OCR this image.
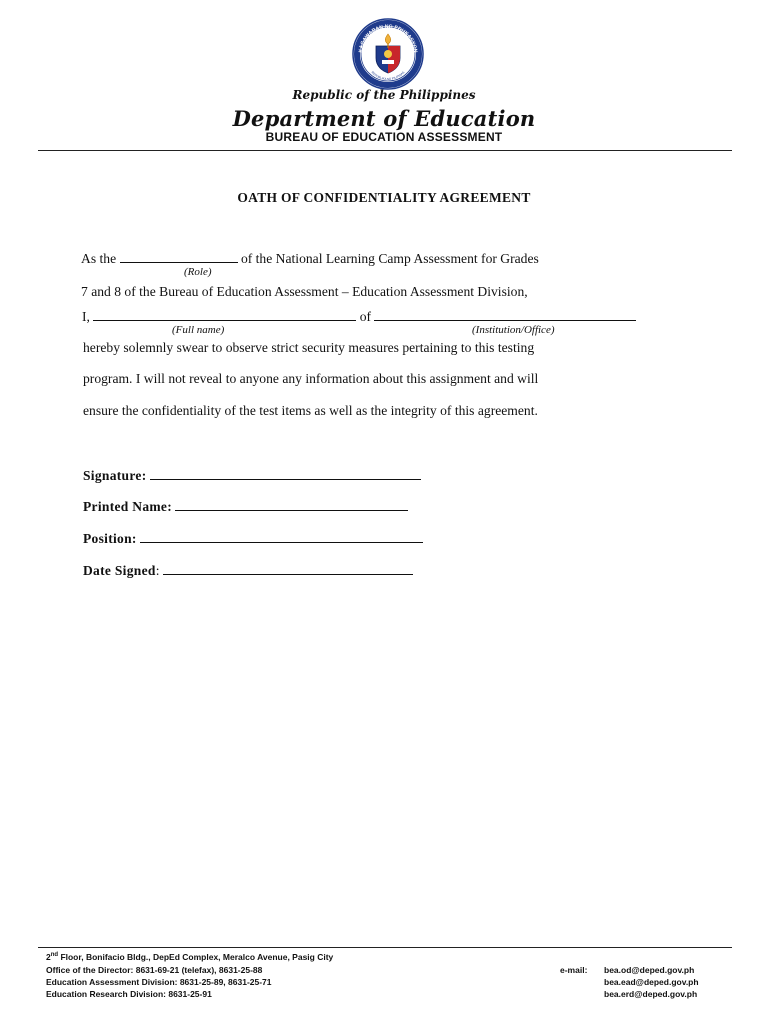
KAGAWARAN NG EDUKASYON
REPUBLIKA NG PILIPINAS
Republic of the Philippines
Department of Education
BUREAU OF EDUCATION ASSESSMENT
OATH OF CONFIDENTIALITY AGREEMENT
As the	of the National Learning Camp Assessment for Grades
(Role)
7 and 8 of the Bureau of Education Assessment – Education Assessment Division,
I,	of
(Full name)	(Institution/Office)
hereby solemnly swear to observe strict security measures pertaining to this testing
program. I will not reveal to anyone any information about this assignment and will
ensure the confidentiality of the test items as well as the integrity of this agreement.
Signature:
Printed Name:
Position:
Date Signed:
2nd Floor, Bonifacio Bldg., DepEd Complex, Meralco Avenue, Pasig City
Office of the Director: 8631-69-21 (telefax), 8631-25-88
Education Assessment Division: 8631-25-89, 8631-25-71
Education Research Division: 8631-25-91
e-mail: bea.od@deped.gov.ph
bea.ead@deped.gov.ph
bea.erd@deped.gov.ph
